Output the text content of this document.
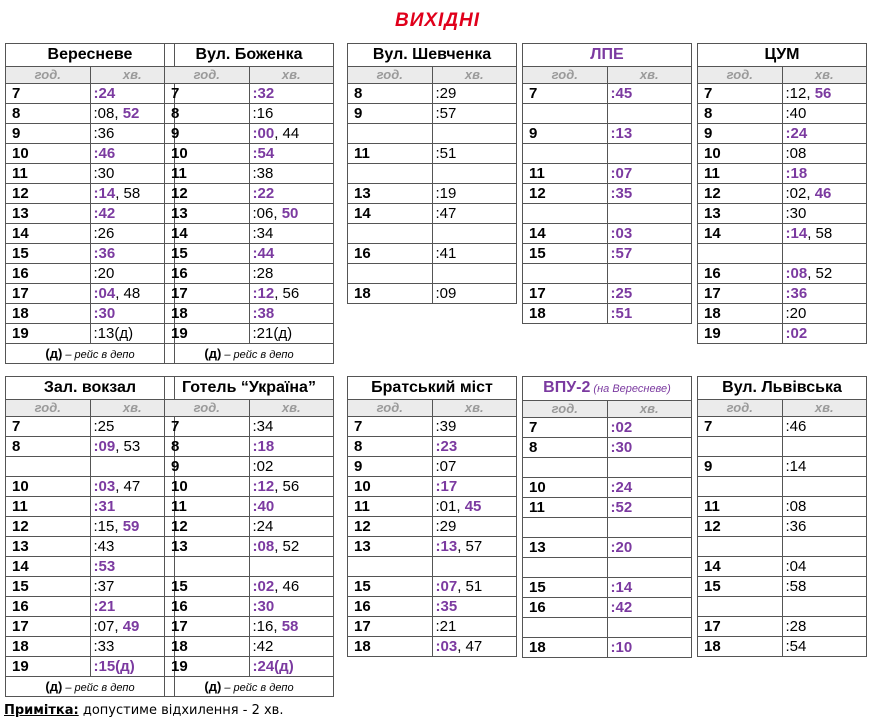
ВИХІДНІ
Вересневе	
год.	хв.
7	:24
8	:08, 52
9	:36
10	:46
11	:30
12	:14, 58
13	:42
14	:26
15	:36
16	:20
17	:04, 48
18	:30
19	:13(д)
(д) – рейс в депо
Вул. Боженка	
год.	хв.
7	:32
8	:16
9	:00, 44
10	:54
11	:38
12	:22
13	:06, 50
14	:34
15	:44
16	:28
17	:12, 56
18	:38
19	:21(д)
(д) – рейс в депо
Вул. Шевченка	
год.	хв.
8	:29
9	:57

11	:51

13	:19
14	:47

16	:41

18	:09
ЛПЕ	
год.	хв.
7	:45

9	:13

11	:07
12	:35

14	:03
15	:57

17	:25
18	:51
ЦУМ	
год.	хв.
7	:12, 56
8	:40
9	:24
10	:08
11	:18
12	:02, 46
13	:30
14	:14, 58

16	:08, 52
17	:36
18	:20
19	:02
Зал. вокзал	
год.	хв.
7	:25
8	:09, 53

10	:03, 47
11	:31
12	:15, 59
13	:43
14	:53
15	:37
16	:21
17	:07, 49
18	:33
19	:15(д)
(д) – рейс в депо
Готель “Україна”	
год.	хв.
7	:34
8	:18
9	:02
10	:12, 56
11	:40
12	:24
13	:08, 52

15	:02, 46
16	:30
17	:16, 58
18	:42
19	:24(д)
(д) – рейс в депо
Братський міст	
год.	хв.
7	:39
8	:23
9	:07
10	:17
11	:01, 45
12	:29
13	:13, 57

15	:07, 51
16	:35
17	:21
18	:03, 47
ВПУ-2 (на Вересневе)	
год.	хв.
7	:02
8	:30

10	:24
11	:52

13	:20

15	:14
16	:42

18	:10
Вул. Львівська	
год.	хв.
7	:46

9	:14

11	:08
12	:36

14	:04
15	:58

17	:28
18	:54
Примітка: допустиме відхилення - 2 хв.
